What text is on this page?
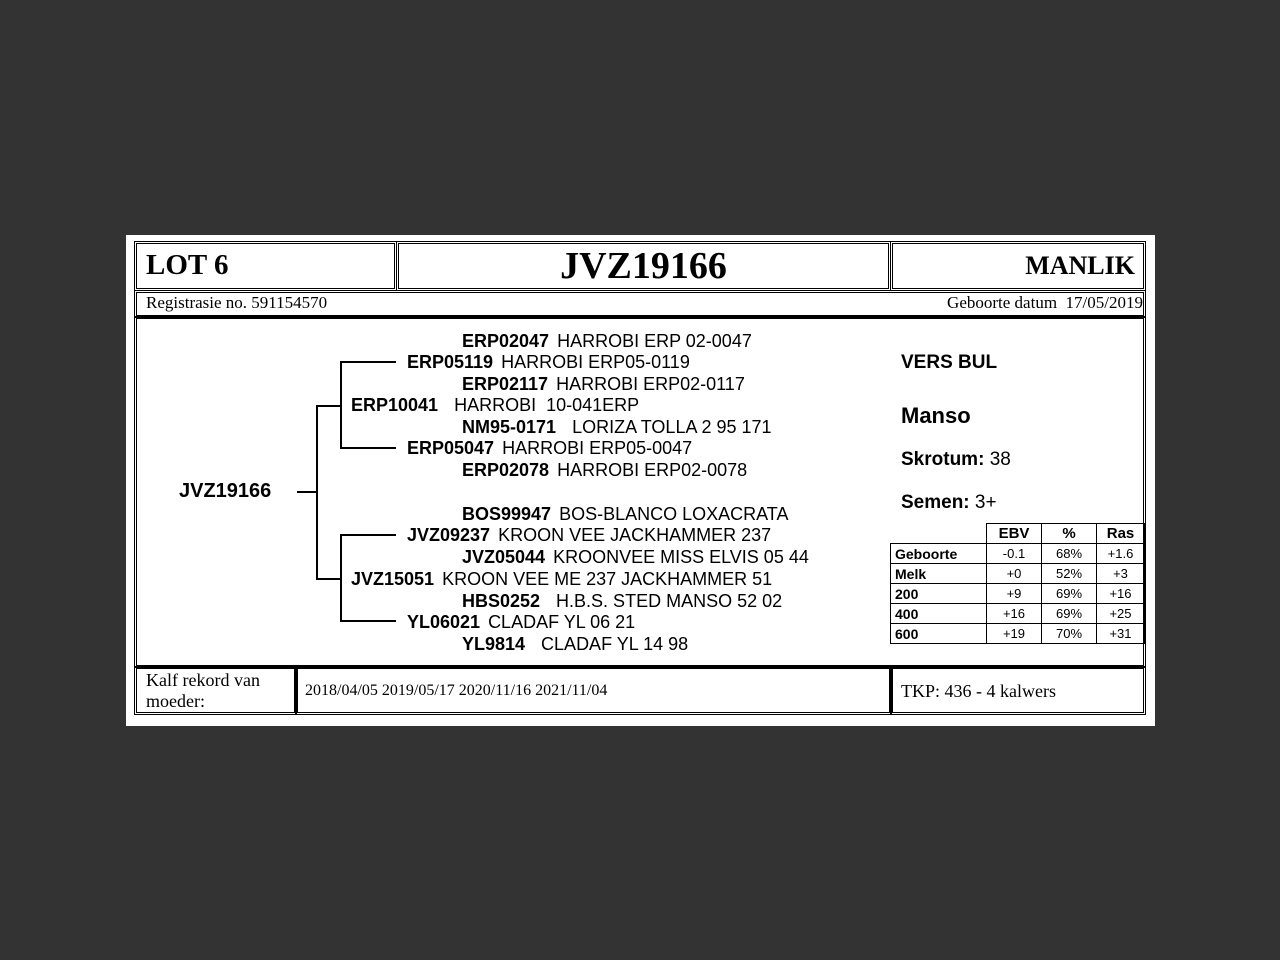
LOT 6	JVZ19166	MANLIK
Registrasie no. 591154570	Geboorte datum 17/05/2019
JVZ19166
ERP02047 HARROBI ERP 02-0047
ERP05119 HARROBI ERP05-0119
ERP02117 HARROBI ERP02-0117
ERP10041 HARROBI  10-041ERP
NM95-0171 LORIZA TOLLA 2 95 171
ERP05047 HARROBI ERP05-0047
ERP02078 HARROBI ERP02-0078
BOS99947 BOS-BLANCO LOXACRATA
JVZ09237 KROON VEE JACKHAMMER 237
JVZ05044 KROONVEE MISS ELVIS 05 44
JVZ15051 KROON VEE ME 237 JACKHAMMER 51
HBS0252 H.B.S. STED MANSO 52 02
YL06021 CLADAF YL 06 21
YL9814 CLADAF YL 14 98
VERS BUL
Manso
Skrotum: 38
Semen: 3+
	EBV	%	Ras
Geboorte	-0.1	68%	+1.6
Melk	+0	52%	+3
200	+9	69%	+16
400	+16	69%	+25
600	+19	70%	+31
Kalf rekord van moeder:
2018/04/05 2019/05/17 2020/11/16 2021/11/04	TKP: 436 - 4 kalwers
